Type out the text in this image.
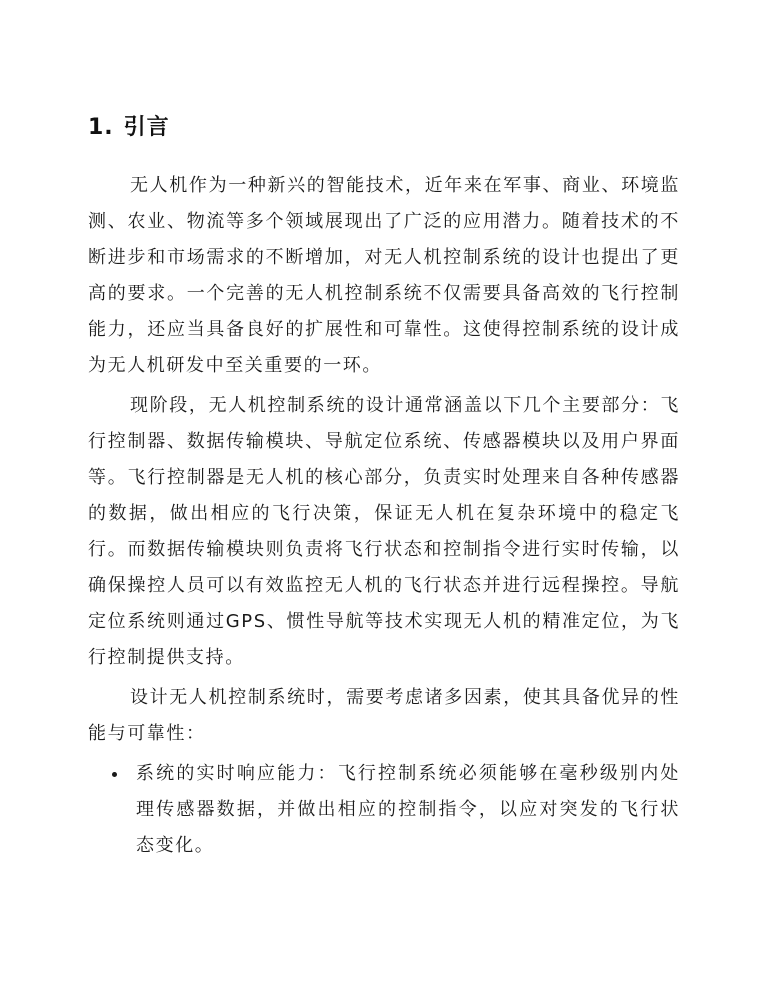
1. 引言

无人机作为一种新兴的智能技术，近年来在军事、商业、环境监测、农业、物流等多个领域展现出了广泛的应用潜力。随着技术的不断进步和市场需求的不断增加，对无人机控制系统的设计也提出了更高的要求。一个完善的无人机控制系统不仅需要具备高效的飞行控制能力，还应当具备良好的扩展性和可靠性。这使得控制系统的设计成为无人机研发中至关重要的一环。

现阶段，无人机控制系统的设计通常涵盖以下几个主要部分：飞行控制器、数据传输模块、导航定位系统、传感器模块以及用户界面等。飞行控制器是无人机的核心部分，负责实时处理来自各种传感器的数据，做出相应的飞行决策，保证无人机在复杂环境中的稳定飞行。而数据传输模块则负责将飞行状态和控制指令进行实时传输，以确保操控人员可以有效监控无人机的飞行状态并进行远程操控。导航定位系统则通过GPS、惯性导航等技术实现无人机的精准定位，为飞行控制提供支持。

设计无人机控制系统时，需要考虑诸多因素，使其具备优异的性能与可靠性：

系统的实时响应能力：飞行控制系统必须能够在毫秒级别内处理传感器数据，并做出相应的控制指令，以应对突发的飞行状态变化。
